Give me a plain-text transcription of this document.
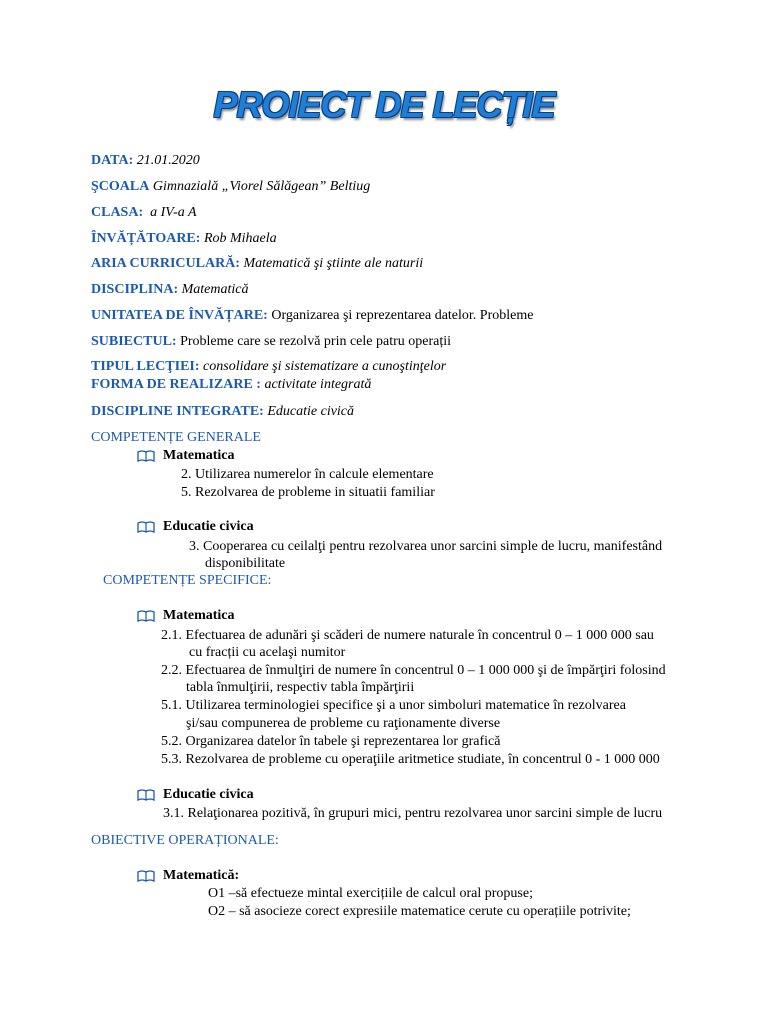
PROIECT DE LECȚIE
DATA: 21.01.2020
ŞCOALA Gimnazială „Viorel Sălăgean” Beltiug
CLASA: a IV-a A
ÎNVĂȚĂTOARE: Rob Mihaela
ARIA CURRICULARĂ: Matematică şi ştiinte ale naturii
DISCIPLINA: Matematică
UNITATEA DE ÎNVĂȚARE: Organizarea şi reprezentarea datelor. Probleme
SUBIECTUL: Probleme care se rezolvă prin cele patru operații
TIPUL LECŢIEI: consolidare şi sistematizare a cunoştinţelor
FORMA DE REALIZARE : activitate integrată
DISCIPLINE INTEGRATE: Educatie civică
COMPETENȚE GENERALE
Matematica
2. Utilizarea numerelor în calcule elementare
5. Rezolvarea de probleme in situatii familiar
Educatie civica
3. Cooperarea cu ceilalţi pentru rezolvarea unor sarcini simple de lucru, manifestând
disponibilitate
COMPETENȚE SPECIFICE:
Matematica
2.1. Efectuarea de adunări şi scăderi de numere naturale în concentrul 0 – 1 000 000 sau
cu fracții cu acelaşi numitor
2.2. Efectuarea de înmulţiri de numere în concentrul 0 – 1 000 000 şi de împărţiri folosind
tabla înmulţirii, respectiv tabla împărţirii
5.1. Utilizarea terminologiei specifice şi a unor simboluri matematice în rezolvarea
şi/sau compunerea de probleme cu raţionamente diverse
5.2. Organizarea datelor în tabele şi reprezentarea lor grafică
5.3. Rezolvarea de probleme cu operaţiile aritmetice studiate, în concentrul 0 - 1 000 000
Educatie civica
3.1. Relaţionarea pozitivă, în grupuri mici, pentru rezolvarea unor sarcini simple de lucru
OBIECTIVE OPERAȚIONALE:
Matematică:
O1 –să efectueze mintal exercițiile de calcul oral propuse;
O2 – să asocieze corect expresiile matematice cerute cu operațiile potrivite;
